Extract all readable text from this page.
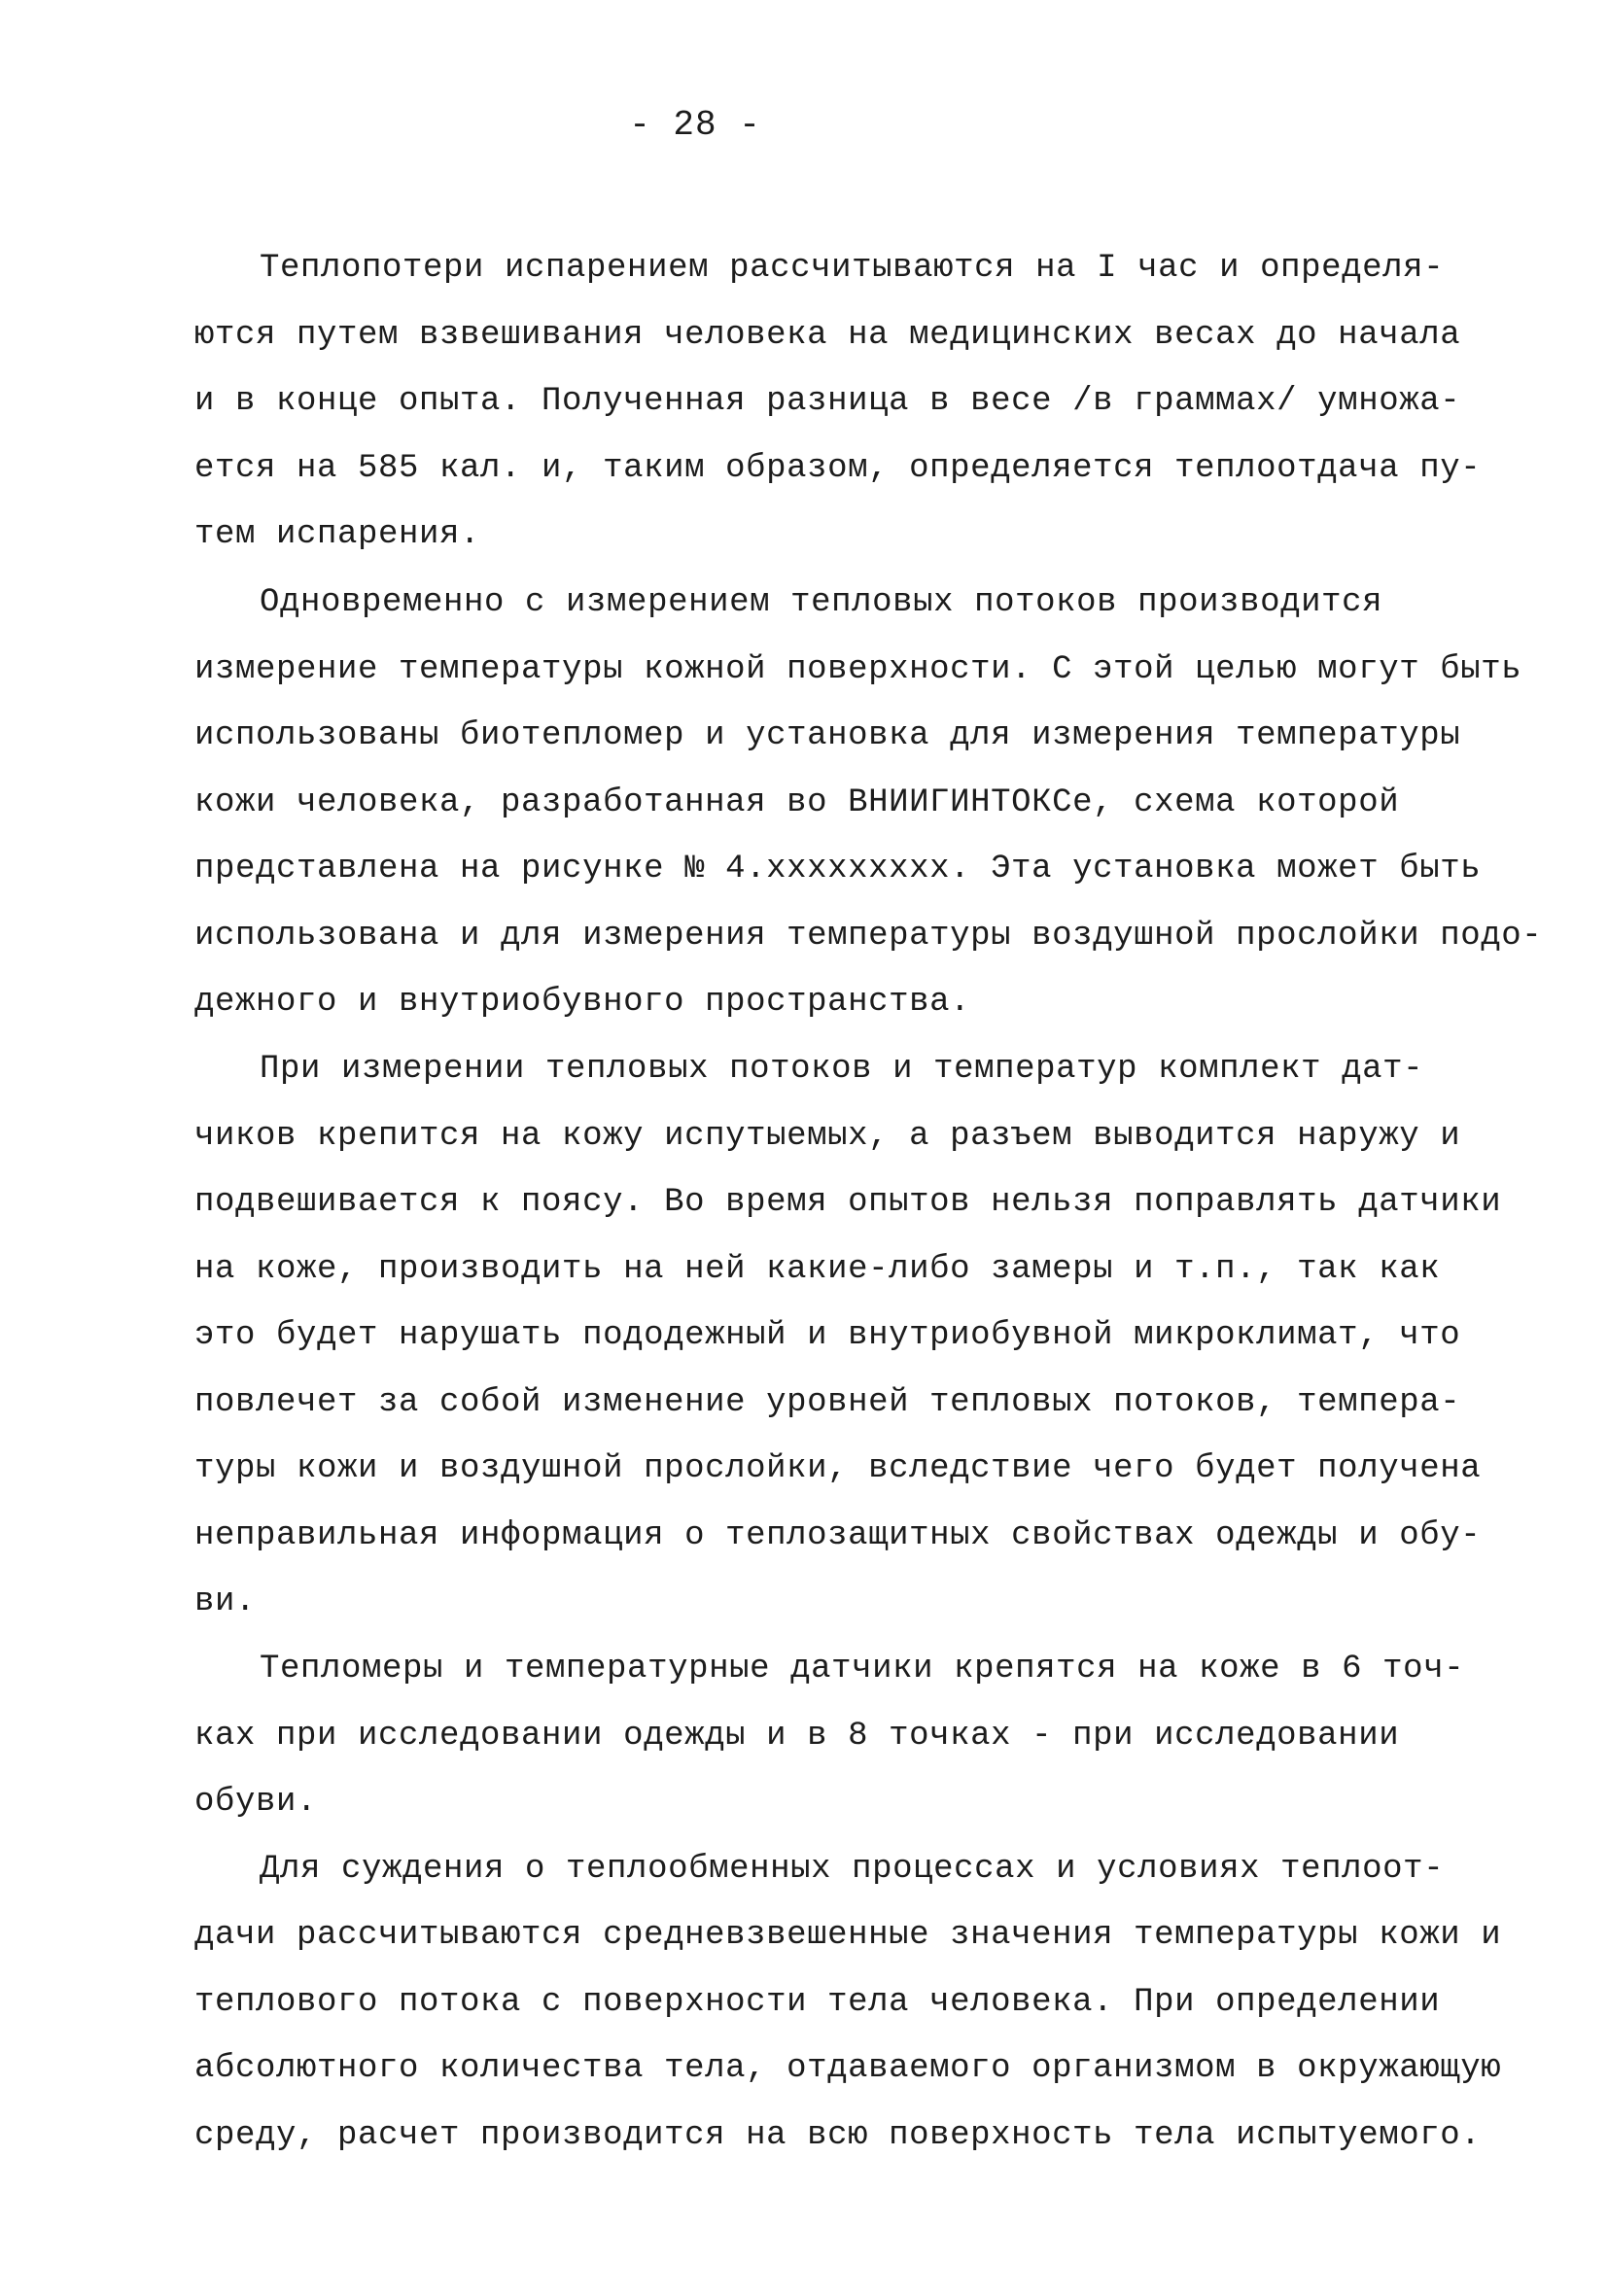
- 28 -
Теплопотери испарением рассчитываются на I час и определя-
ются путем взвешивания человека на медицинских весах до начала
и в конце опыта. Полученная разница в весе /в граммах/ умножа-
ется на 585 кал. и, таким образом, определяется теплоотдача пу-
тем испарения.
Одновременно с измерением тепловых потоков производится
измерение температуры кожной поверхности. С этой целью могут быть
использованы биотепломер и установка для измерения температуры
кожи человека, разработанная во ВНИИГИНТОКСе, схема которой
представлена на рисунке № 4.xxxxxxxxx. Эта установка может быть
использована и для измерения температуры воздушной прослойки подо-
дежного и внутриобувного пространства.
При измерении тепловых потоков и температур комплект дат-
чиков крепится на кожу испутыемых, а разъем выводится наружу и
подвешивается к поясу. Во время опытов нельзя поправлять датчики
на коже, производить на ней какие-либо замеры и т.п., так как
это будет нарушать пододежный и внутриобувной микроклимат, что
повлечет за собой изменение уровней тепловых потоков, темпера-
туры кожи и воздушной прослойки, вследствие чего будет получена
неправильная информация о теплозащитных свойствах одежды и обу-
ви.
Тепломеры и температурные датчики крепятся на коже в 6 точ-
ках при исследовании одежды и в 8 точках - при исследовании
обуви.
Для суждения о теплообменных процессах и условиях теплоот-
дачи рассчитываются средневзвешенные значения температуры кожи и
теплового потока с поверхности тела человека. При определении
абсолютного количества тела, отдаваемого организмом в окружающую
среду, расчет производится на всю поверхность тела испытуемого.
